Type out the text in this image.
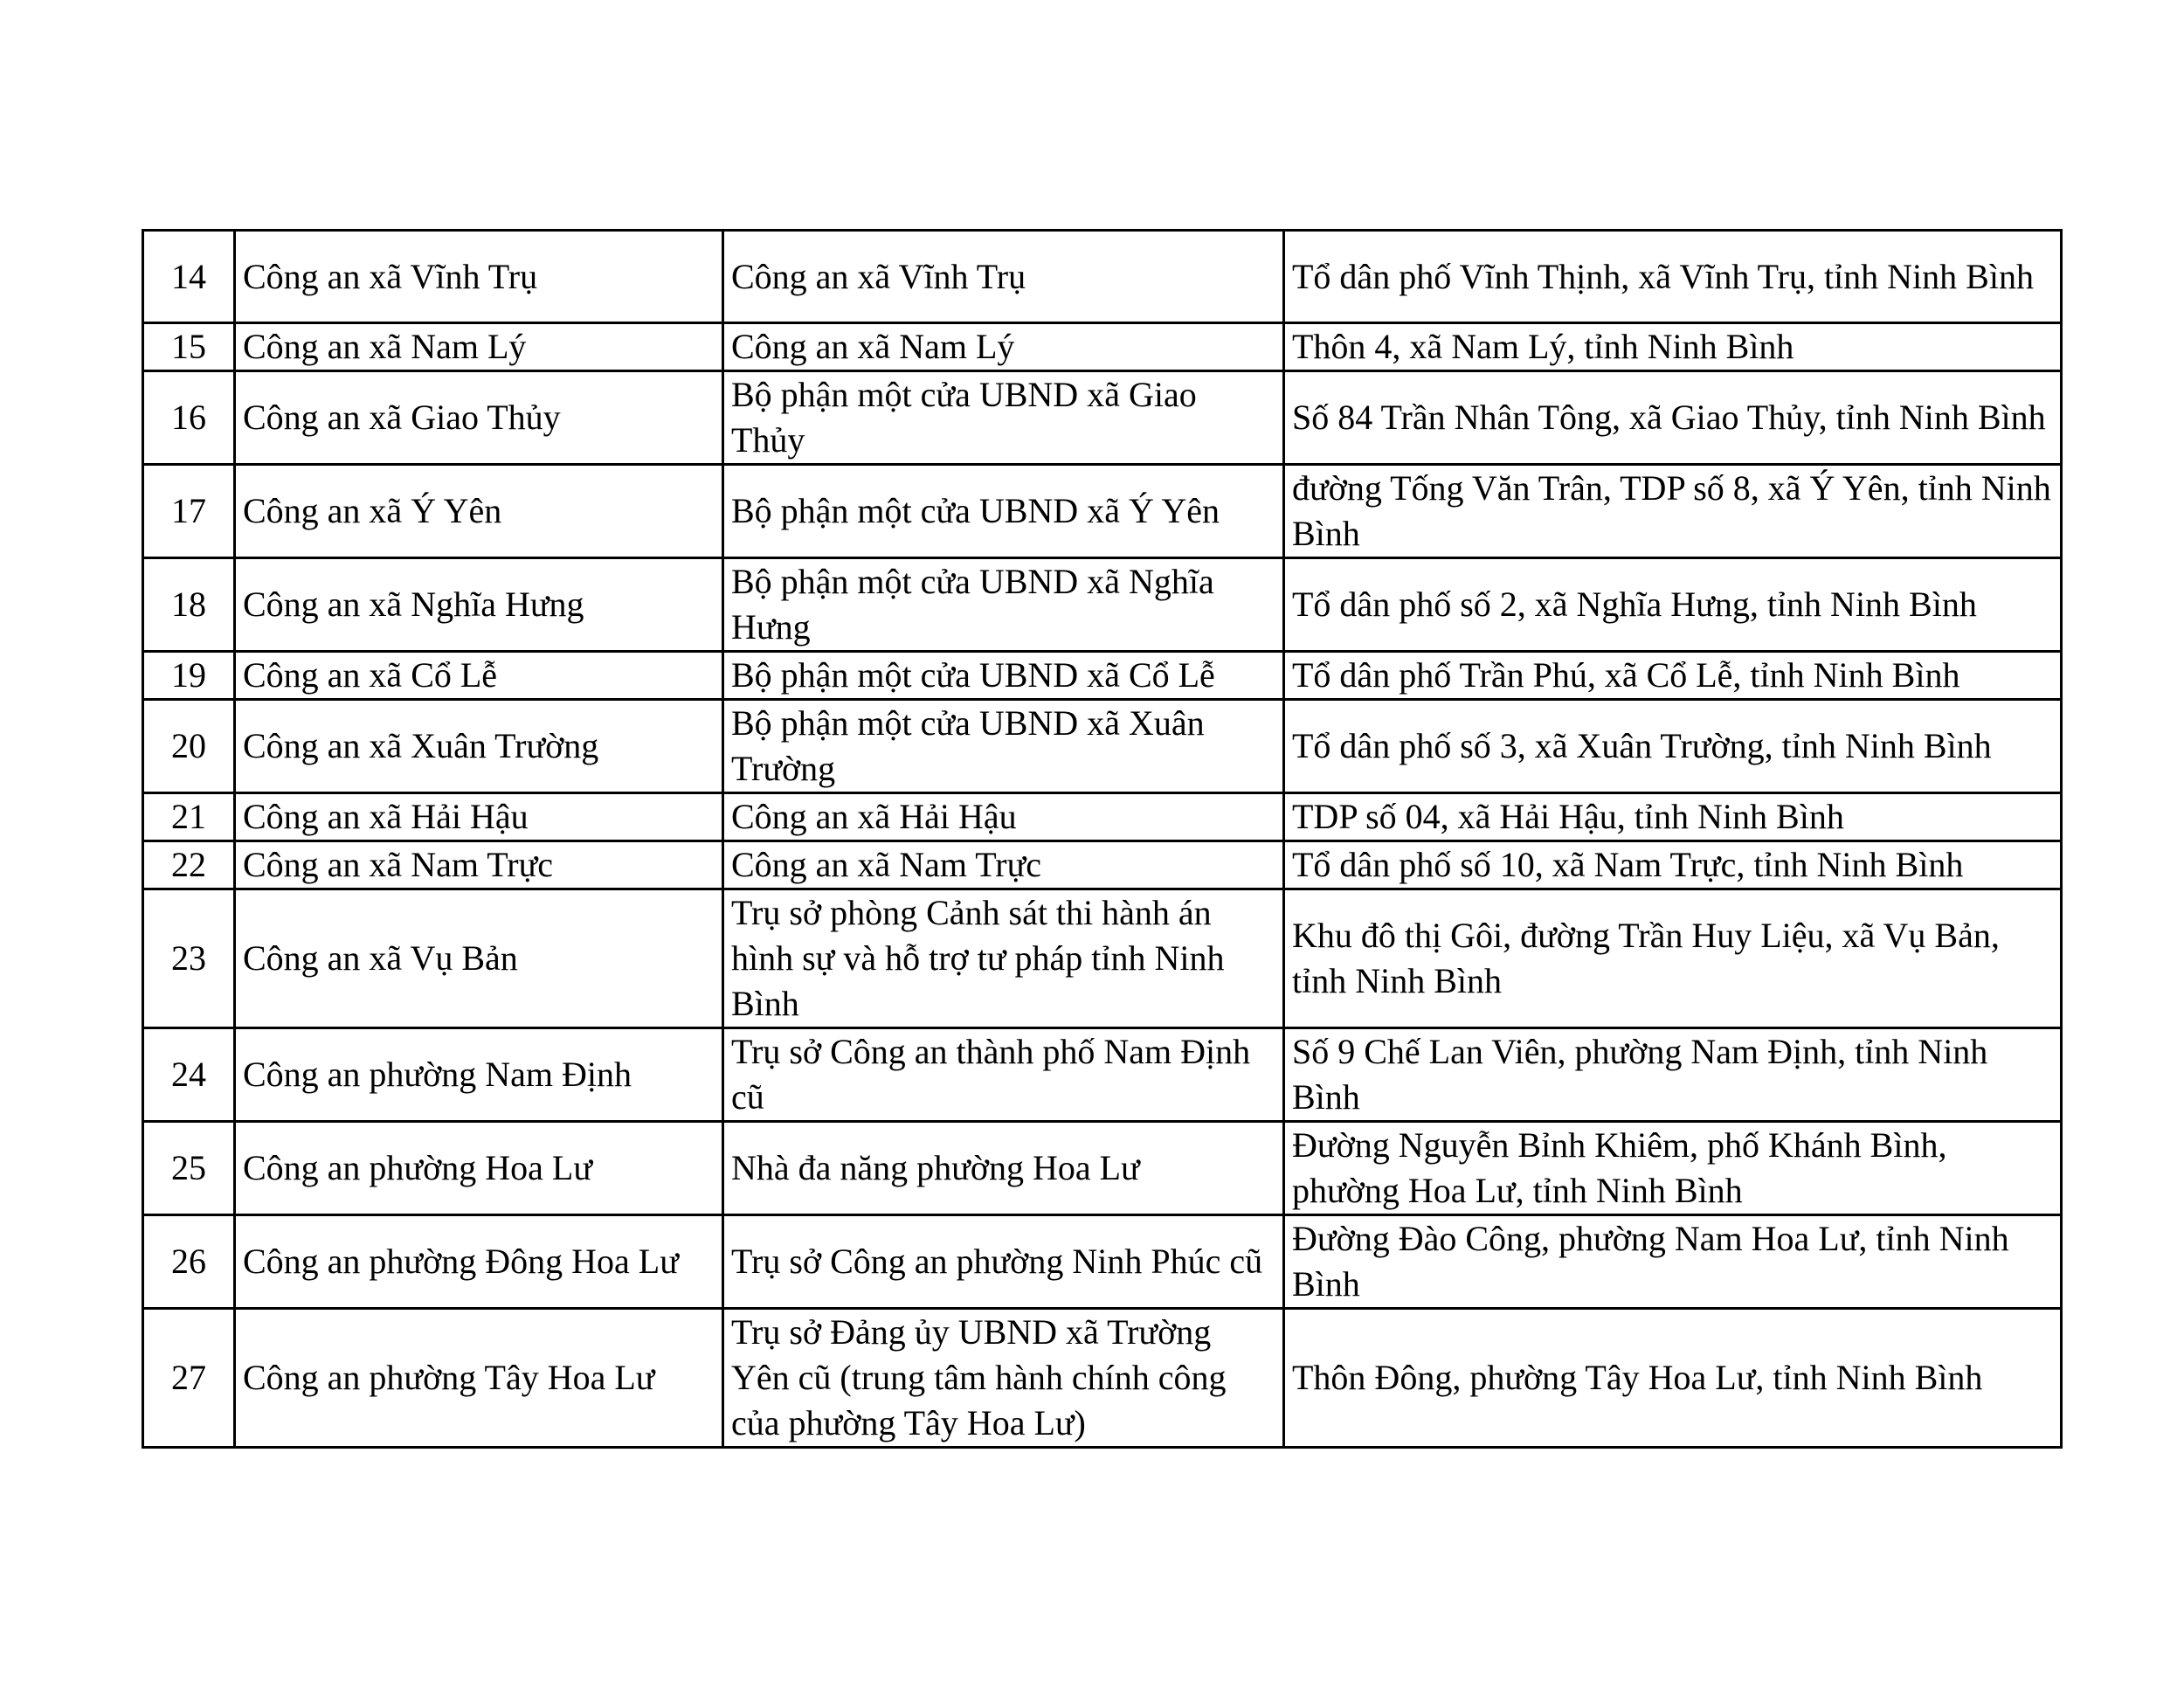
14	Công an xã Vĩnh Trụ	Công an xã Vĩnh Trụ	Tổ dân phố Vĩnh Thịnh, xã Vĩnh Trụ, tỉnh Ninh Bình
15	Công an xã Nam Lý	Công an xã Nam Lý	Thôn 4, xã Nam Lý, tỉnh Ninh Bình
16	Công an xã Giao Thủy	Bộ phận một cửa UBND xã Giao Thủy	Số 84 Trần Nhân Tông, xã Giao Thủy, tỉnh Ninh Bình
17	Công an xã Ý Yên	Bộ phận một cửa UBND xã Ý Yên	đường Tống Văn Trân, TDP số 8, xã Ý Yên, tỉnh Ninh Bình
18	Công an xã Nghĩa Hưng	Bộ phận một cửa UBND xã Nghĩa Hưng	Tổ dân phố số 2, xã Nghĩa Hưng, tỉnh Ninh Bình
19	Công an xã Cổ Lễ	Bộ phận một cửa UBND xã Cổ Lễ	Tổ dân phố Trần Phú, xã Cổ Lễ, tỉnh Ninh Bình
20	Công an xã Xuân Trường	Bộ phận một cửa UBND xã Xuân Trường	Tổ dân phố số 3, xã Xuân Trường, tỉnh Ninh Bình
21	Công an xã Hải Hậu	Công an xã Hải Hậu	TDP số 04, xã Hải Hậu, tỉnh Ninh Bình
22	Công an xã Nam Trực	Công an xã Nam Trực	Tổ dân phố số 10, xã Nam Trực, tỉnh Ninh Bình
23	Công an xã Vụ Bản	Trụ sở phòng Cảnh sát thi hành án hình sự và hỗ trợ tư pháp tỉnh Ninh Bình	Khu đô thị Gôi, đường Trần Huy Liệu, xã Vụ Bản, tỉnh Ninh Bình
24	Công an phường Nam Định	Trụ sở Công an thành phố Nam Định cũ	Số 9 Chế Lan Viên, phường Nam Định, tỉnh Ninh Bình
25	Công an phường Hoa Lư	Nhà đa năng phường Hoa Lư	Đường Nguyễn Bỉnh Khiêm, phố Khánh Bình, phường Hoa Lư, tỉnh Ninh Bình
26	Công an phường Đông Hoa Lư	Trụ sở Công an phường Ninh Phúc cũ	Đường Đào Công, phường Nam Hoa Lư, tỉnh Ninh Bình
27	Công an phường Tây Hoa Lư	Trụ sở Đảng ủy UBND xã Trường Yên cũ (trung tâm hành chính công của phường Tây Hoa Lư)	Thôn Đông, phường Tây Hoa Lư, tỉnh Ninh Bình
